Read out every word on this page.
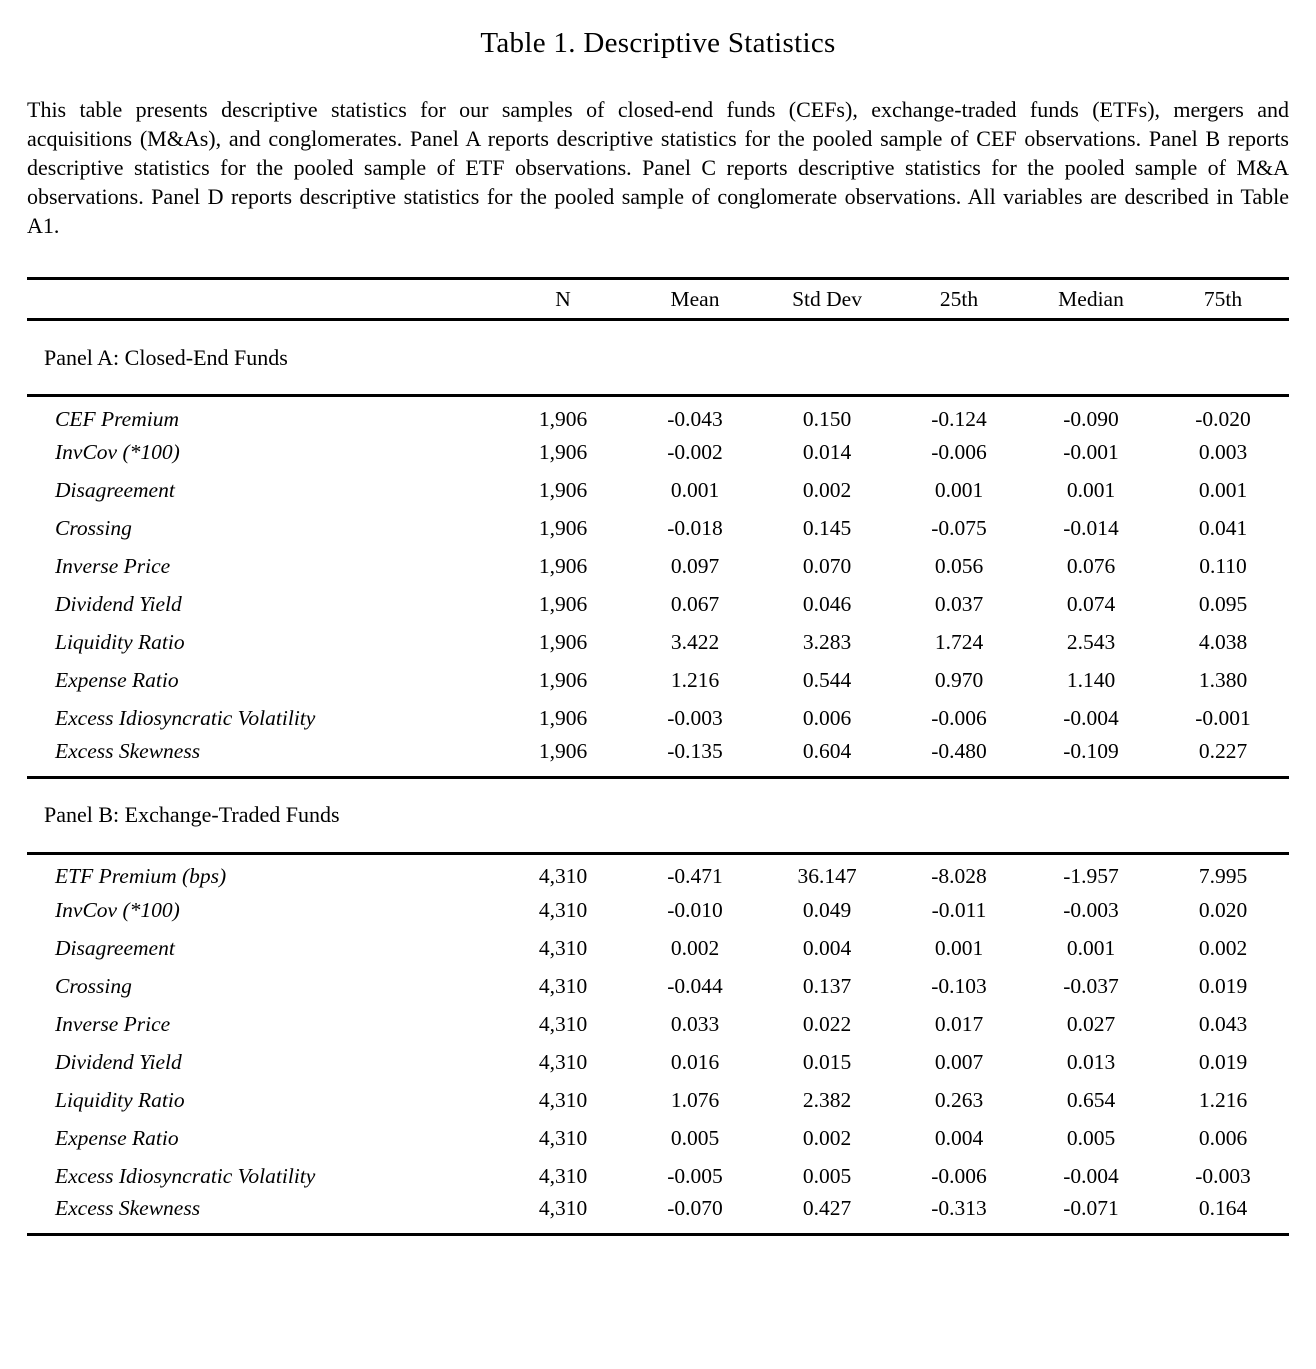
Table 1. Descriptive Statistics

This table presents descriptive statistics for our samples of closed-end funds (CEFs), exchange-traded funds (ETFs), mergers and acquisitions (M&As), and conglomerates. Panel A reports descriptive statistics for the pooled sample of CEF observations. Panel B reports descriptive statistics for the pooled sample of ETF observations. Panel C reports descriptive statistics for the pooled sample of M&A observations. Panel D reports descriptive statistics for the pooled sample of conglomerate observations. All variables are described in Table A1.

	N	Mean	Std Dev	25th	Median	75th
Panel A: Closed-End Funds						
CEF Premium	1,906	-0.043	0.150	-0.124	-0.090	-0.020
InvCov (*100)	1,906	-0.002	0.014	-0.006	-0.001	0.003
Disagreement	1,906	0.001	0.002	0.001	0.001	0.001
Crossing	1,906	-0.018	0.145	-0.075	-0.014	0.041
Inverse Price	1,906	0.097	0.070	0.056	0.076	0.110
Dividend Yield	1,906	0.067	0.046	0.037	0.074	0.095
Liquidity Ratio	1,906	3.422	3.283	1.724	2.543	4.038
Expense Ratio	1,906	1.216	0.544	0.970	1.140	1.380
Excess Idiosyncratic Volatility	1,906	-0.003	0.006	-0.006	-0.004	-0.001
Excess Skewness	1,906	-0.135	0.604	-0.480	-0.109	0.227
Panel B: Exchange-Traded Funds						
ETF Premium (bps)	4,310	-0.471	36.147	-8.028	-1.957	7.995
InvCov (*100)	4,310	-0.010	0.049	-0.011	-0.003	0.020
Disagreement	4,310	0.002	0.004	0.001	0.001	0.002
Crossing	4,310	-0.044	0.137	-0.103	-0.037	0.019
Inverse Price	4,310	0.033	0.022	0.017	0.027	0.043
Dividend Yield	4,310	0.016	0.015	0.007	0.013	0.019
Liquidity Ratio	4,310	1.076	2.382	0.263	0.654	1.216
Expense Ratio	4,310	0.005	0.002	0.004	0.005	0.006
Excess Idiosyncratic Volatility	4,310	-0.005	0.005	-0.006	-0.004	-0.003
Excess Skewness	4,310	-0.070	0.427	-0.313	-0.071	0.164
